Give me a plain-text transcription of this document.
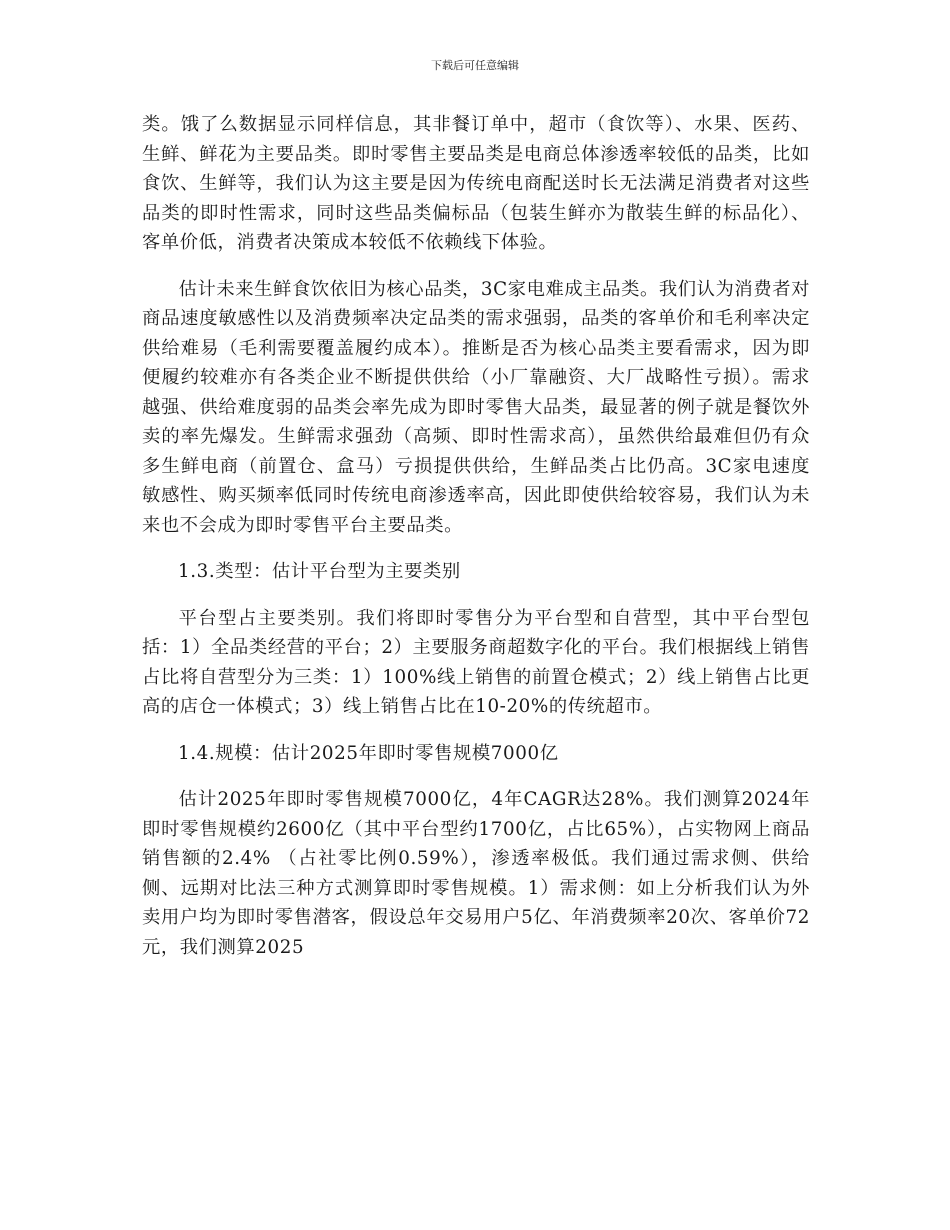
下载后可任意编辑

类。饿了么数据显示同样信息，其非餐订单中，超市（食饮等）、水果、医药、生鲜、鲜花为主要品类。即时零售主要品类是电商总体渗透率较低的品类，比如食饮、生鲜等，我们认为这主要是因为传统电商配送时长无法满足消费者对这些品类的即时性需求，同时这些品类偏标品（包装生鲜亦为散装生鲜的标品化）、客单价低，消费者决策成本较低不依赖线下体验。

估计未来生鲜食饮依旧为核心品类，3C家电难成主品类。我们认为消费者对商品速度敏感性以及消费频率决定品类的需求强弱，品类的客单价和毛利率决定供给难易（毛利需要覆盖履约成本）。推断是否为核心品类主要看需求，因为即便履约较难亦有各类企业不断提供供给（小厂靠融资、大厂战略性亏损）。需求越强、供给难度弱的品类会率先成为即时零售大品类，最显著的例子就是餐饮外卖的率先爆发。生鲜需求强劲（高频、即时性需求高），虽然供给最难但仍有众多生鲜电商（前置仓、盒马）亏损提供供给，生鲜品类占比仍高。3C家电速度敏感性、购买频率低同时传统电商渗透率高，因此即使供给较容易，我们认为未来也不会成为即时零售平台主要品类。

1.3.类型：估计平台型为主要类别

平台型占主要类别。我们将即时零售分为平台型和自营型，其中平台型包括：1）全品类经营的平台；2）主要服务商超数字化的平台。我们根据线上销售占比将自营型分为三类：1）100%线上销售的前置仓模式；2）线上销售占比更高的店仓一体模式；3）线上销售占比在10-20%的传统超市。

1.4.规模：估计2025年即时零售规模7000亿

估计2025年即时零售规模7000亿，4年CAGR达28%。我们测算2024年即时零售规模约2600亿（其中平台型约1700亿，占比65%），占实物网上商品销售额的2.4% （占社零比例0.59%），渗透率极低。我们通过需求侧、供给侧、远期对比法三种方式测算即时零售规模。1）需求侧：如上分析我们认为外卖用户均为即时零售潜客，假设总年交易用户5亿、年消费频率20次、客单价72元，我们测算2025
